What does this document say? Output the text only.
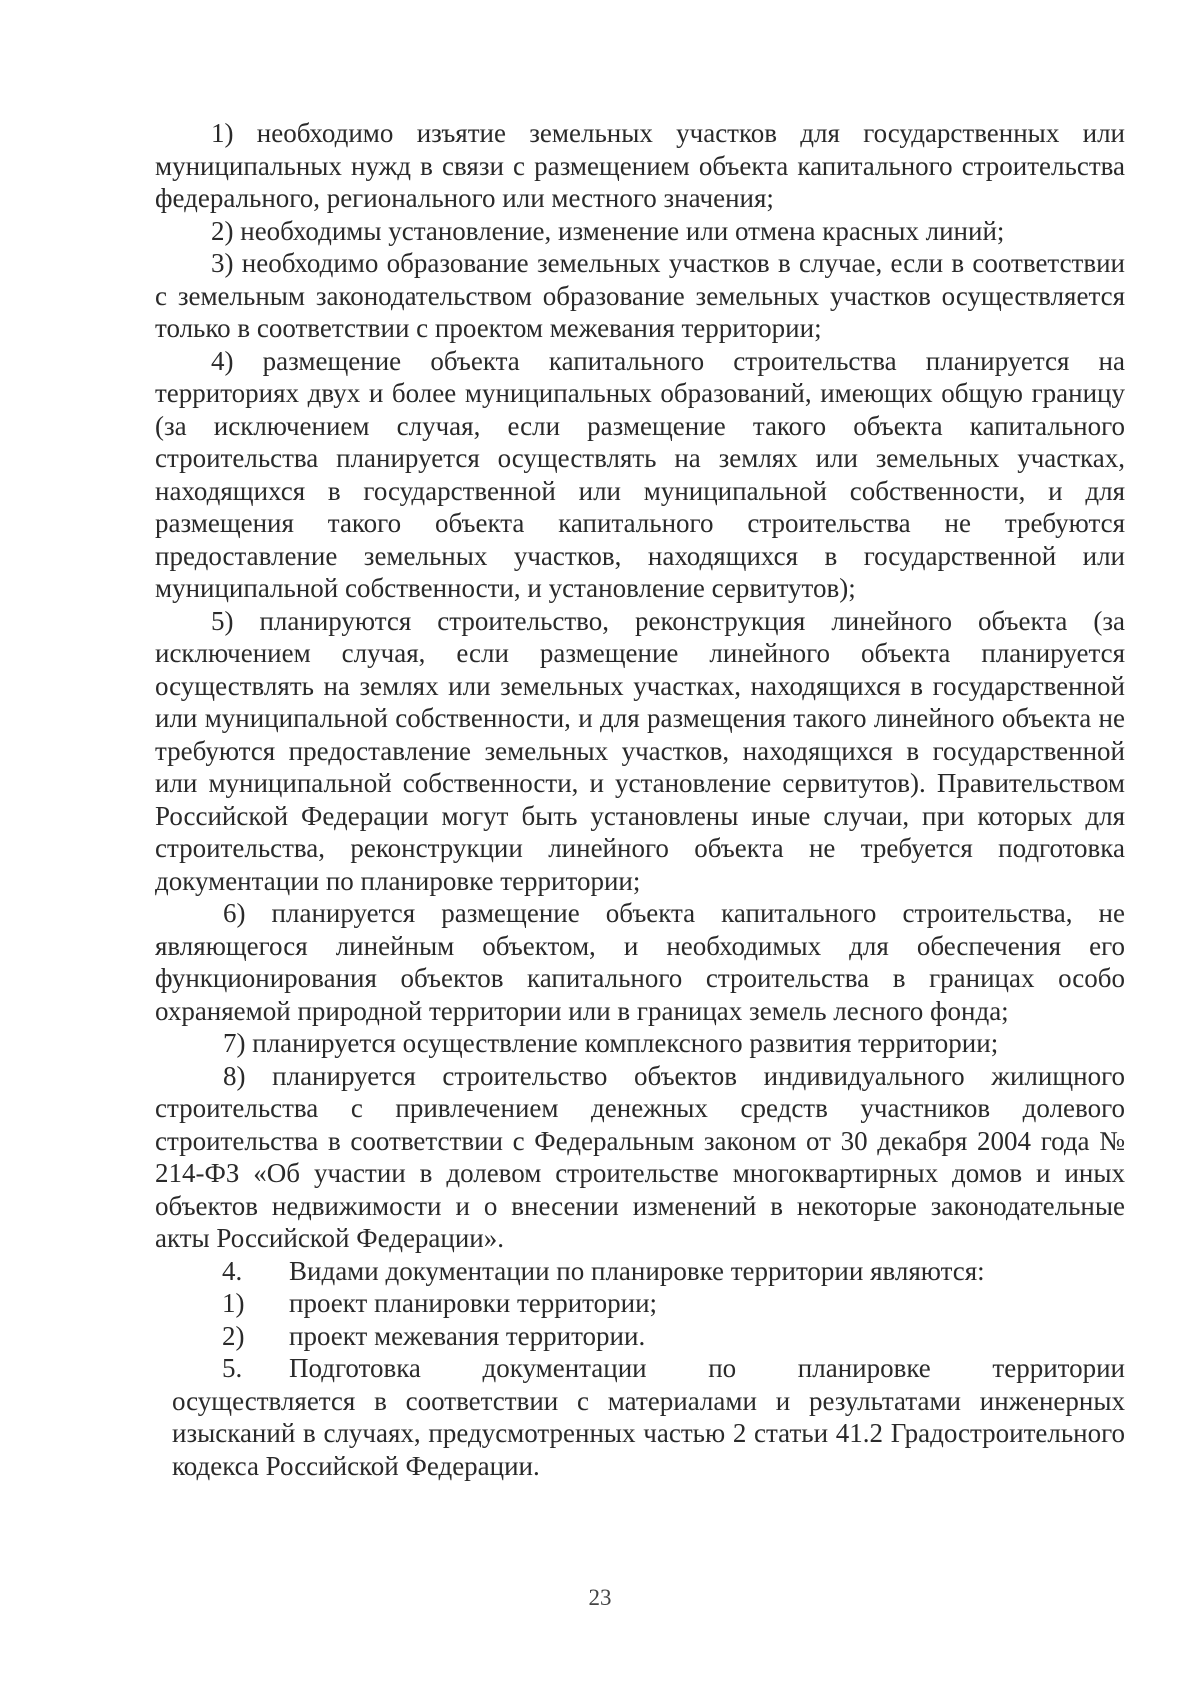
1) необходимо изъятие земельных участков для государственных или муниципальных нужд в связи с размещением объекта капитального строительства федерального, регионального или местного значения;

2) необходимы установление, изменение или отмена красных линий;

3) необходимо образование земельных участков в случае, если в соответствии с земельным законодательством образование земельных участков осуществляется только в соответствии с проектом межевания территории;

4) размещение объекта капитального строительства планируется на территориях двух и более муниципальных образований, имеющих общую границу (за исключением случая, если размещение такого объекта капитального строительства планируется осуществлять на землях или земельных участках, находящихся в государственной или муниципальной собственности, и для размещения такого объекта капитального строительства не требуются предоставление земельных участков, находящихся в государственной или муниципальной собственности, и установление сервитутов);

5) планируются строительство, реконструкция линейного объекта (за исключением случая, если размещение линейного объекта планируется осуществлять на землях или земельных участках, находящихся в государственной или муниципальной собственности, и для размещения такого линейного объекта не требуются предоставление земельных участков, находящихся в государственной или муниципальной собственности, и установление сервитутов). Правительством Российской Федерации могут быть установлены иные случаи, при которых для строительства, реконструкции линейного объекта не требуется подготовка документации по планировке территории;

6) планируется размещение объекта капитального строительства, не являющегося линейным объектом, и необходимых для обеспечения его функционирования объектов капитального строительства в границах особо охраняемой природной территории или в границах земель лесного фонда;

7) планируется осуществление комплексного развития территории;

8) планируется строительство объектов индивидуального жилищного строительства с привлечением денежных средств участников долевого строительства в соответствии с Федеральным законом от 30 декабря 2004 года № 214-ФЗ «Об участии в долевом строительстве многоквартирных домов и иных объектов недвижимости и о внесении изменений в некоторые законодательные акты Российской Федерации».

4.	Видами документации по планировке территории являются:
1)	проект планировки территории;
2)	проект межевания территории.
5.	Подготовка документации по планировке территории
осуществляется в соответствии с материалами и результатами инженерных изысканий в случаях, предусмотренных частью 2 статьи 41.2 Градостроительного кодекса Российской Федерации.
23
